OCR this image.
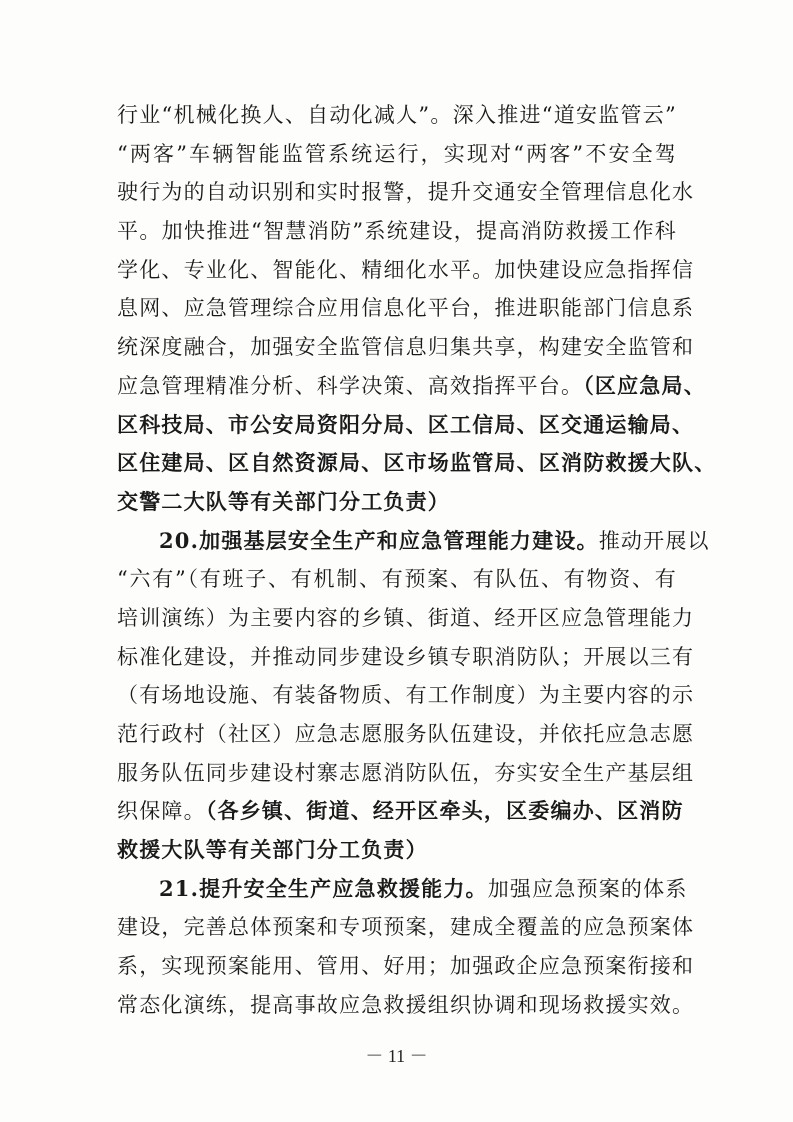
行业“机械化换人、自动化减人”。深入推进“道安监管云”
“两客”车辆智能监管系统运行，实现对“两客”不安全驾
驶行为的自动识别和实时报警，提升交通安全管理信息化水
平。加快推进“智慧消防”系统建设，提高消防救援工作科
学化、专业化、智能化、精细化水平。加快建设应急指挥信
息网、应急管理综合应用信息化平台，推进职能部门信息系
统深度融合，加强安全监管信息归集共享，构建安全监管和
应急管理精准分析、科学决策、高效指挥平台。（区应急局、
区科技局、市公安局资阳分局、区工信局、区交通运输局、
区住建局、区自然资源局、区市场监管局、区消防救援大队、
交警二大队等有关部门分工负责）
20.加强基层安全生产和应急管理能力建设。推动开展以
“六有”（有班子、有机制、有预案、有队伍、有物资、有
培训演练）为主要内容的乡镇、街道、经开区应急管理能力
标准化建设，并推动同步建设乡镇专职消防队；开展以三有
（有场地设施、有装备物质、有工作制度）为主要内容的示
范行政村（社区）应急志愿服务队伍建设，并依托应急志愿
服务队伍同步建设村寨志愿消防队伍，夯实安全生产基层组
织保障。（各乡镇、街道、经开区牵头，区委编办、区消防
救援大队等有关部门分工负责）
21.提升安全生产应急救援能力。加强应急预案的体系
建设，完善总体预案和专项预案，建成全覆盖的应急预案体
系，实现预案能用、管用、好用；加强政企应急预案衔接和
常态化演练，提高事故应急救援组织协调和现场救援实效。
－ 11 －
